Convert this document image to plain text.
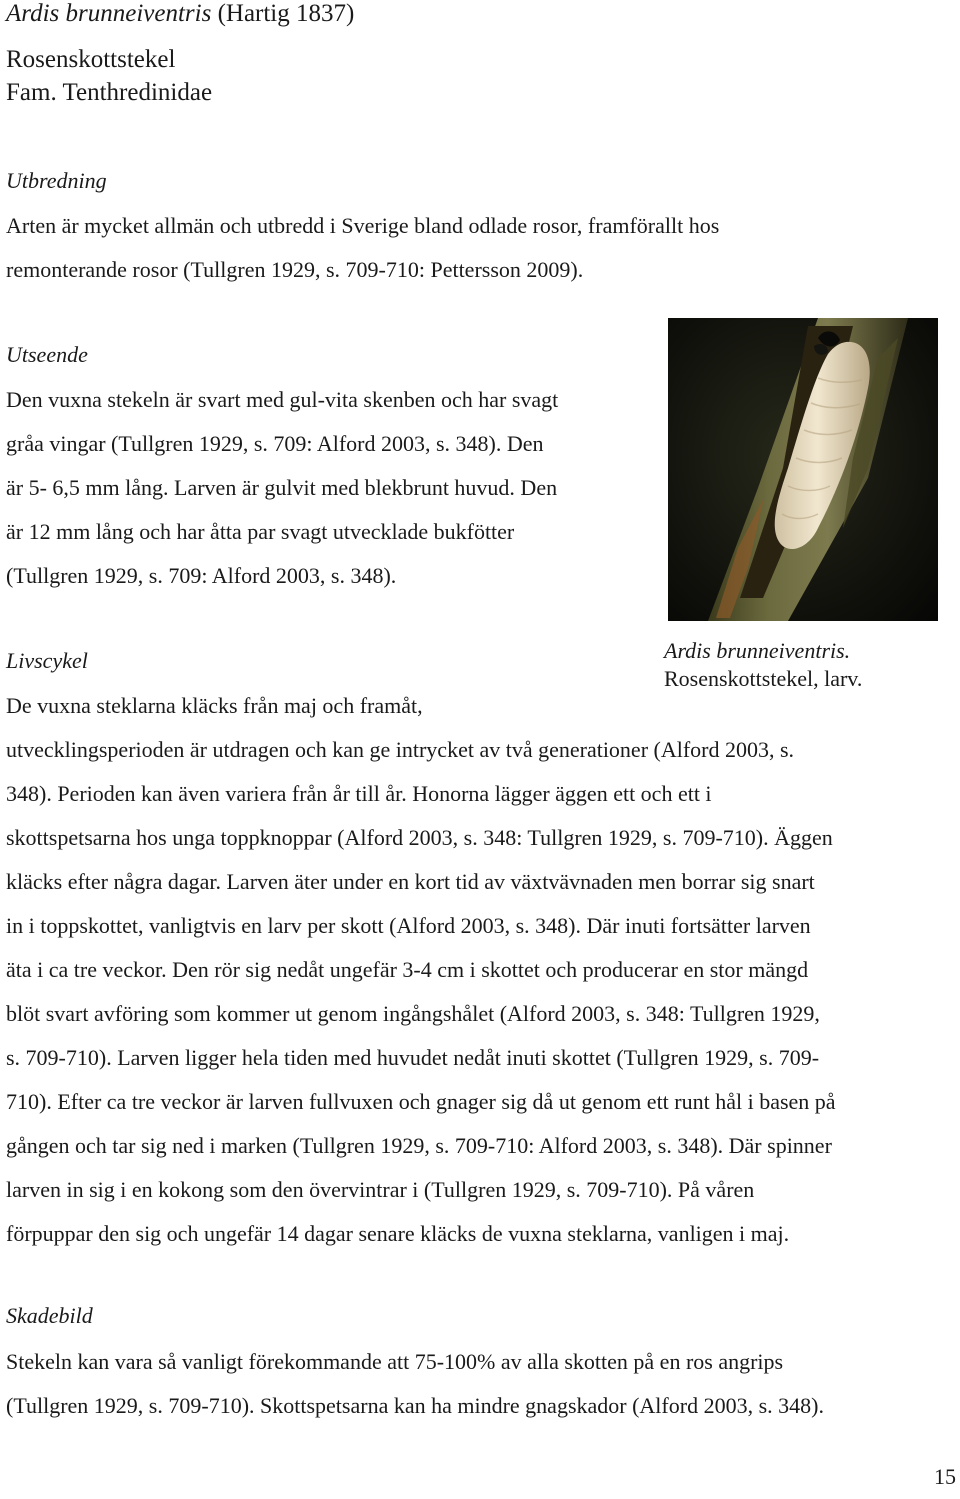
Ardis brunneiventris (Hartig 1837)
Rosenskottstekel
Fam. Tenthredinidae
Utbredning
Arten är mycket allmän och utbredd i Sverige bland odlade rosor, framförallt hos
remonterande rosor (Tullgren 1929, s. 709-710: Pettersson 2009).
Utseende
Den vuxna stekeln är svart med gul-vita skenben och har svagt
gråa vingar (Tullgren 1929, s. 709: Alford 2003, s. 348). Den
är 5- 6,5 mm lång. Larven är gulvit med blekbrunt huvud. Den
är 12 mm lång och har åtta par svagt utvecklade bukfötter
(Tullgren 1929, s. 709: Alford 2003, s. 348).
Ardis brunneiventris.
Rosenskottstekel, larv.
Livscykel
De vuxna steklarna kläcks från maj och framåt,
utvecklingsperioden är utdragen och kan ge intrycket av två generationer (Alford 2003, s.
348). Perioden kan även variera från år till år. Honorna lägger äggen ett och ett i
skottspetsarna hos unga toppknoppar (Alford 2003, s. 348: Tullgren 1929, s. 709-710). Äggen
kläcks efter några dagar. Larven äter under en kort tid av växtvävnaden men borrar sig snart
in i toppskottet, vanligtvis en larv per skott (Alford 2003, s. 348). Där inuti fortsätter larven
äta i ca tre veckor. Den rör sig nedåt ungefär 3-4 cm i skottet och producerar en stor mängd
blöt svart avföring som kommer ut genom ingångshålet (Alford 2003, s. 348: Tullgren 1929,
s. 709-710). Larven ligger hela tiden med huvudet nedåt inuti skottet (Tullgren 1929, s. 709-
710). Efter ca tre veckor är larven fullvuxen och gnager sig då ut genom ett runt hål i basen på
gången och tar sig ned i marken (Tullgren 1929, s. 709-710: Alford 2003, s. 348). Där spinner
larven in sig i en kokong som den övervintrar i (Tullgren 1929, s. 709-710). På våren
förpuppar den sig och ungefär 14 dagar senare kläcks de vuxna steklarna, vanligen i maj.
Skadebild
Stekeln kan vara så vanligt förekommande att 75-100% av alla skotten på en ros angrips
(Tullgren 1929, s. 709-710). Skottspetsarna kan ha mindre gnagskador (Alford 2003, s. 348).
15
